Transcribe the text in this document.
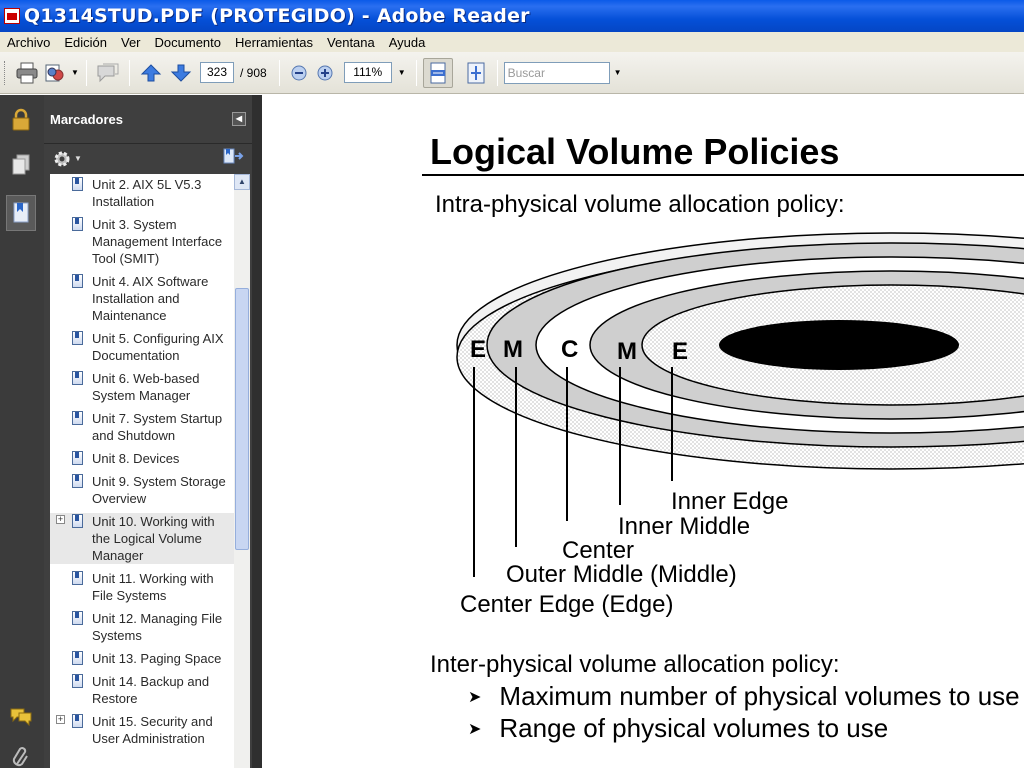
Q1314STUD.PDF (PROTEGIDO) - Adobe Reader
Archivo	Edición	Ver	Documento	Herramientas	Ventana	Ayuda
▼	323	/ 908	111%	▼	Buscar	▼
Marcadores	◀
▼
Unit 2. AIX 5L V5.3 Installation
Unit 3. System Management Interface Tool (SMIT)
Unit 4. AIX Software Installation and Maintenance
Unit 5. Configuring AIX Documentation
Unit 6. Web-based System Manager
Unit 7. System Startup and Shutdown
Unit 8. Devices
Unit 9. System Storage Overview
+ Unit 10. Working with the Logical Volume Manager
Unit 11. Working with File Systems
Unit 12. Managing File Systems
Unit 13. Paging Space
Unit 14. Backup and Restore
+ Unit 15. Security and User Administration
▲
Logical Volume Policies
Intra-physical volume allocation policy:
E M C M E
Inner Edge
Inner Middle
Center
Outer Middle (Middle)
Center Edge (Edge)
Inter-physical volume allocation policy:
➤ Maximum number of physical volumes to use
➤ Range of physical volumes to use
